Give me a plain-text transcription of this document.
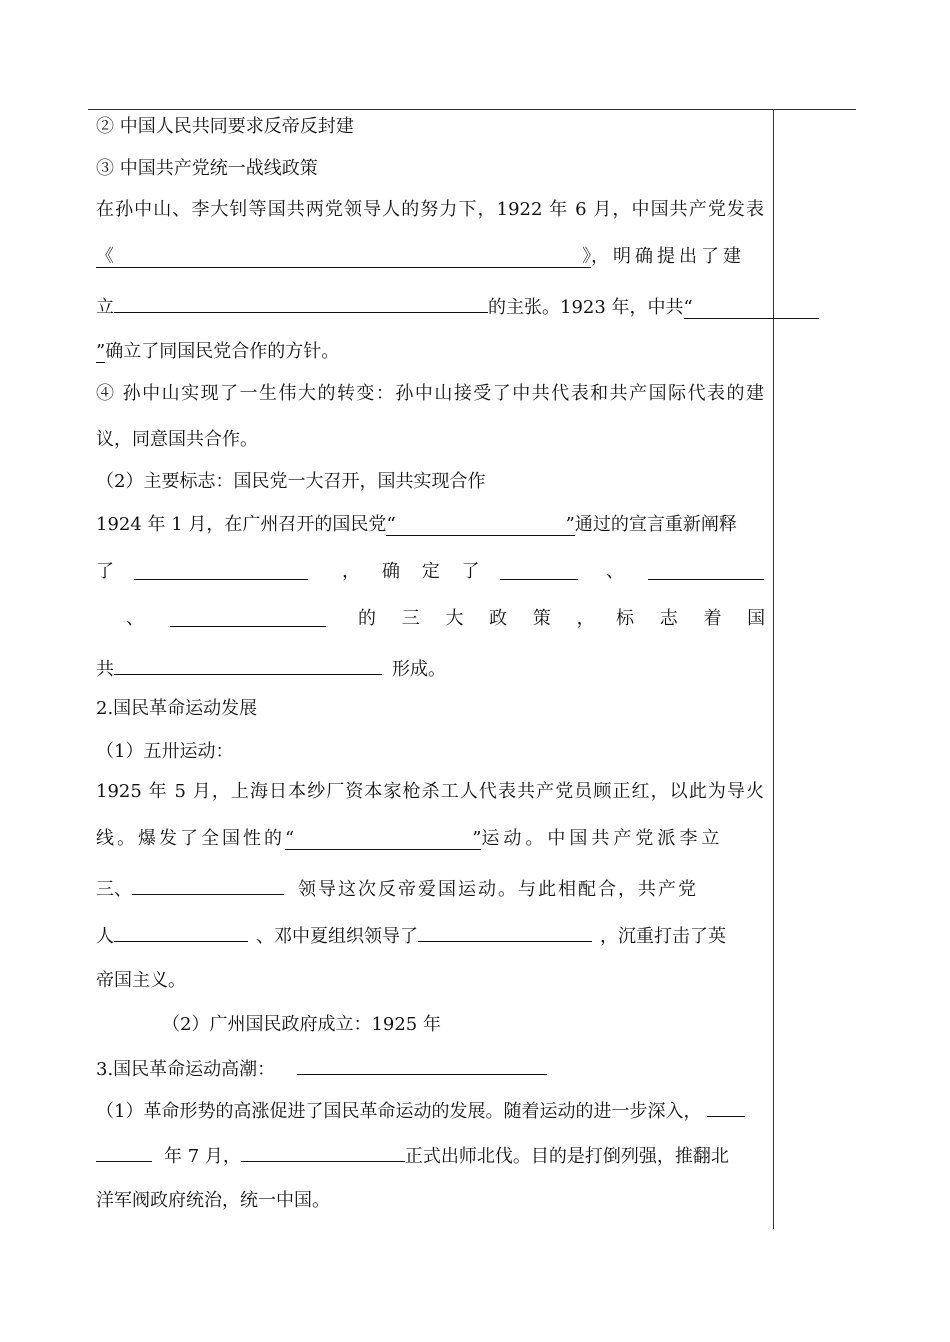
② 中国人民共同要求反帝反封建
③ 中国共产党统一战线政策
在孙中山、李大钊等国共两党领导人的努力下，1922 年 6 月，中国共产党发表
《	》，明确提出了建
立	的主张。1923 年，中共“
”确立了同国民党合作的方针。
④ 孙中山实现了一生伟大的转变：孙中山接受了中共代表和共产国际代表的建
议，同意国共合作。
（2）主要标志：国民党一大召开，国共实现合作
1924 年 1 月，在广州召开的国民党“	”通过的宣言重新阐释
了	， 确 定 了	、
、	的 三 大 政 策 ， 标 志 着 国
共	形成。
2.国民革命运动发展
（1）五卅运动：
1925 年 5 月，上海日本纱厂资本家枪杀工人代表共产党员顾正红，以此为导火
线。爆发了全国性的“	”运动。中国共产党派李立
三、	领导这次反帝爱国运动。与此相配合，共产党
人	、邓中夏组织领导了	，沉重打击了英
帝国主义。
（2）广州国民政府成立：1925 年
3.国民革命运动高潮：
（1）革命形势的高涨促进了国民革命运动的发展。随着运动的进一步深入，
年 7 月，	正式出师北伐。目的是打倒列强，推翻北
洋军阀政府统治，统一中国。
